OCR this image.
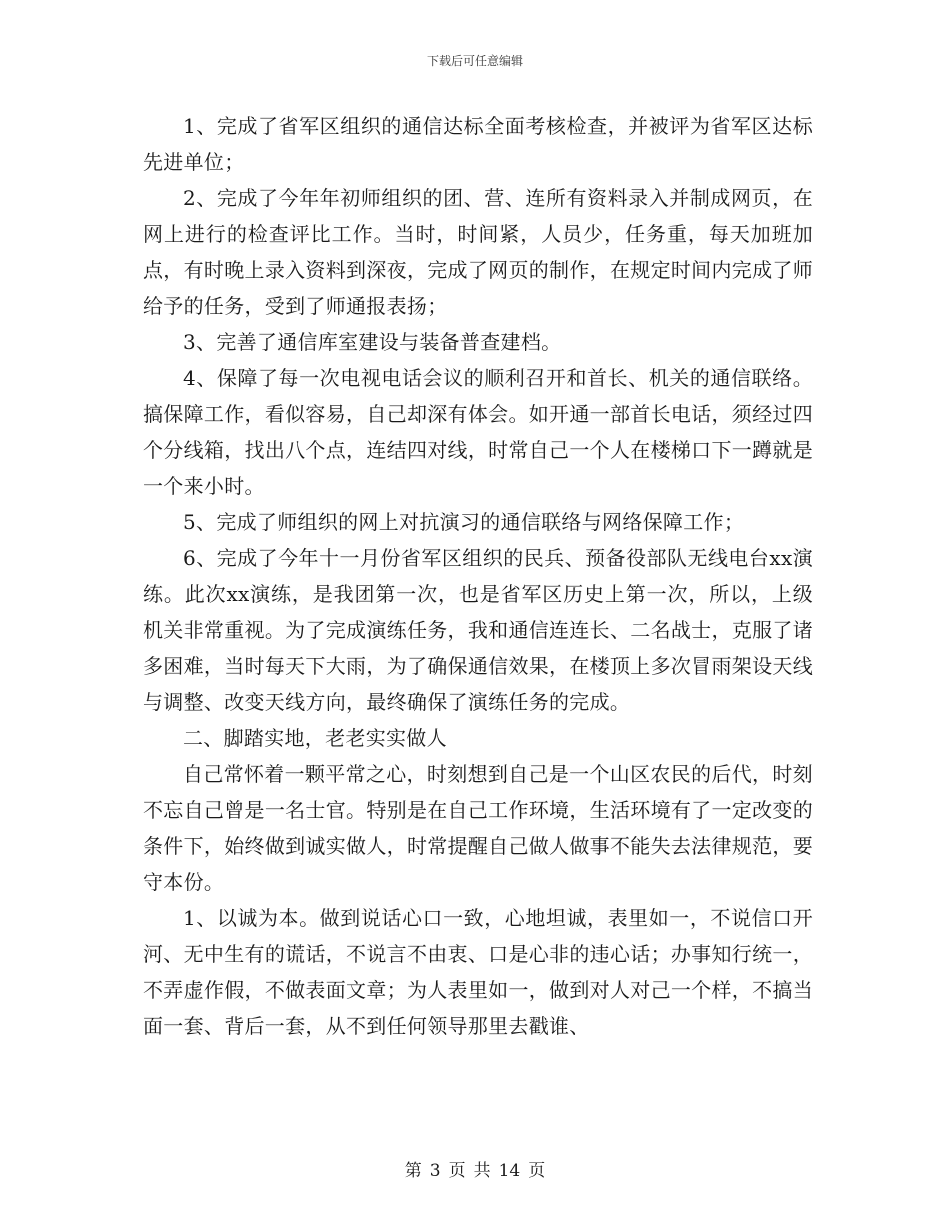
下载后可任意编辑

1、完成了省军区组织的通信达标全面考核检查，并被评为省军区达标先进单位；

2、完成了今年年初师组织的团、营、连所有资料录入并制成网页，在网上进行的检查评比工作。当时，时间紧，人员少，任务重，每天加班加点，有时晚上录入资料到深夜，完成了网页的制作，在规定时间内完成了师给予的任务，受到了师通报表扬；

3、完善了通信库室建设与装备普查建档。

4、保障了每一次电视电话会议的顺利召开和首长、机关的通信联络。搞保障工作，看似容易，自己却深有体会。如开通一部首长电话，须经过四个分线箱，找出八个点，连结四对线，时常自己一个人在楼梯口下一蹲就是一个来小时。

5、完成了师组织的网上对抗演习的通信联络与网络保障工作；

6、完成了今年十一月份省军区组织的民兵、预备役部队无线电台xx演练。此次xx演练，是我团第一次，也是省军区历史上第一次，所以，上级机关非常重视。为了完成演练任务，我和通信连连长、二名战士，克服了诸多困难，当时每天下大雨，为了确保通信效果，在楼顶上多次冒雨架设天线与调整、改变天线方向，最终确保了演练任务的完成。

二、脚踏实地，老老实实做人

自己常怀着一颗平常之心，时刻想到自己是一个山区农民的后代，时刻不忘自己曾是一名士官。特别是在自己工作环境，生活环境有了一定改变的条件下，始终做到诚实做人，时常提醒自己做人做事不能失去法律规范，要守本份。

1、以诚为本。做到说话心口一致，心地坦诚，表里如一，不说信口开河、无中生有的谎话，不说言不由衷、口是心非的违心话；办事知行统一，不弄虚作假，不做表面文章；为人表里如一，做到对人对己一个样，不搞当面一套、背后一套，从不到任何领导那里去戳谁、

第 3 页 共 14 页
